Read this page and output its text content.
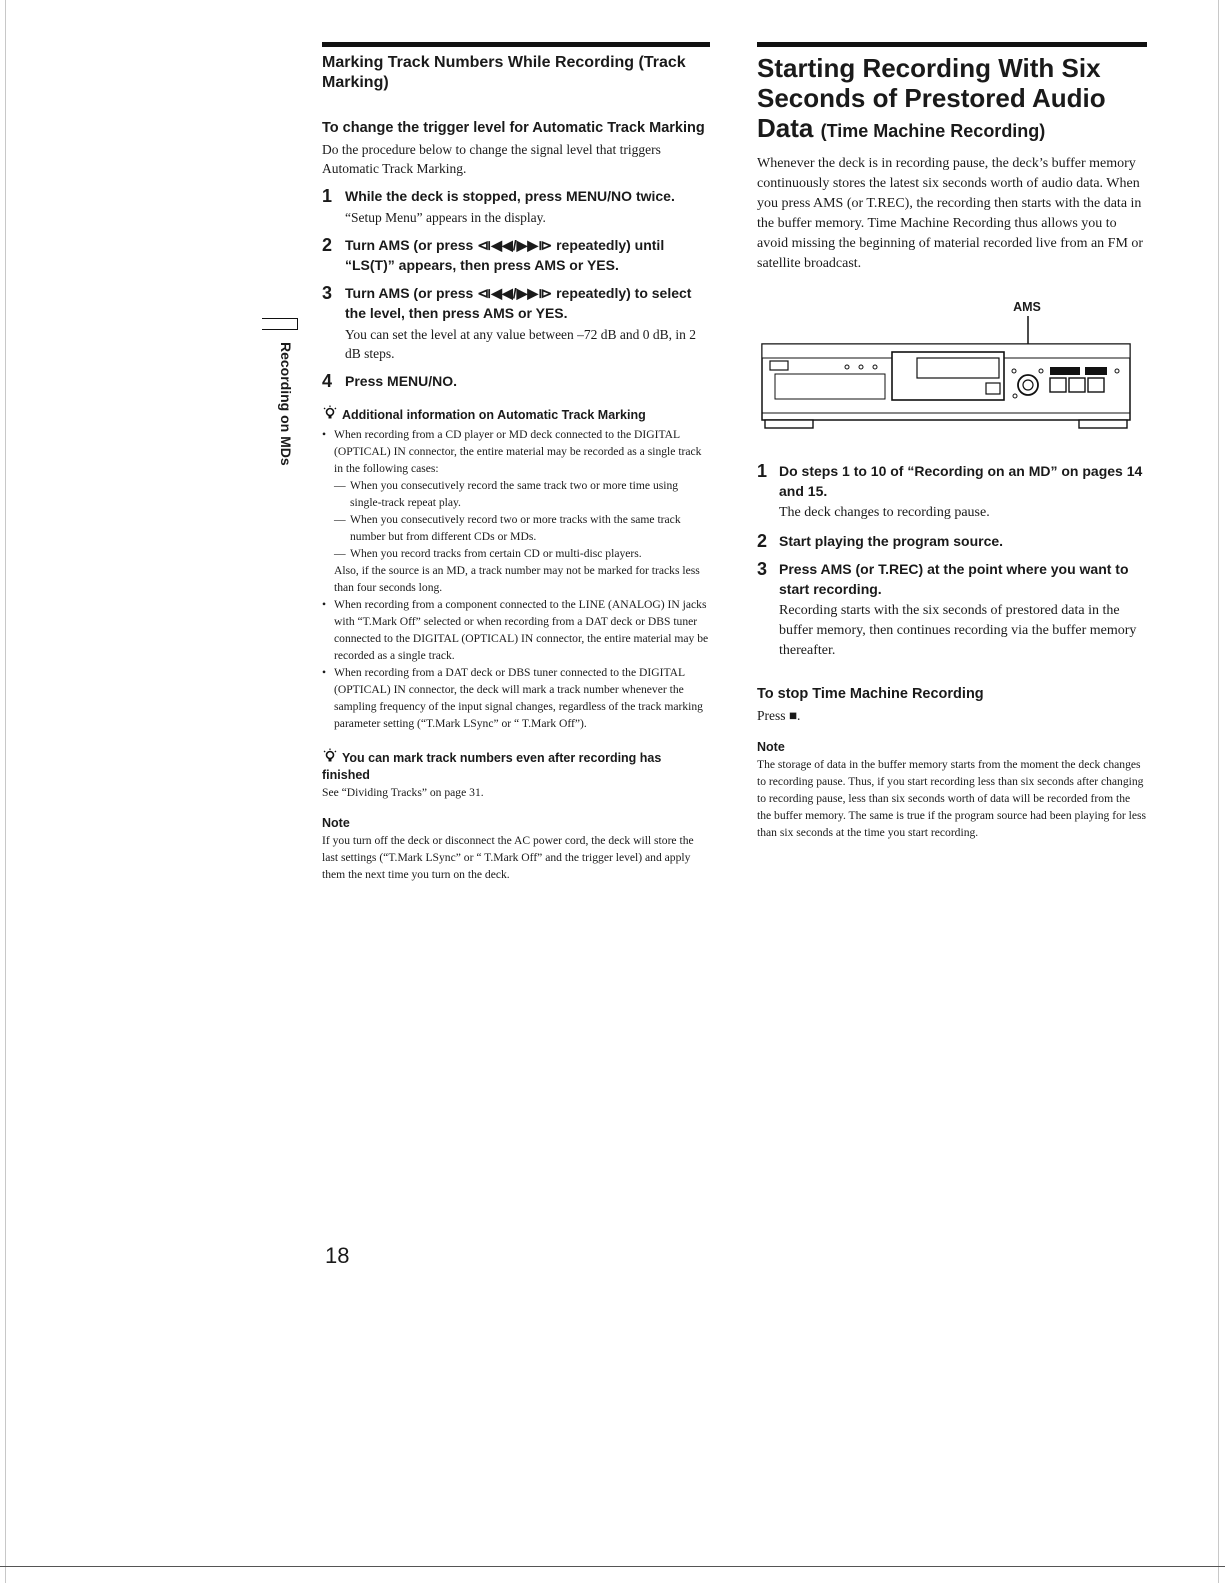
Recording on MDs
Marking Track Numbers While Recording (Track Marking)
To change the trigger level for Automatic Track Marking

Do the procedure below to change the signal level that triggers Automatic Track Marking.

1 While the deck is stopped, press MENU/NO twice.
“Setup Menu” appears in the display.
2 Turn AMS (or press ⧏◀◀/▶▶⧐ repeatedly) until “LS(T)” appears, then press AMS or YES.
3 Turn AMS (or press ⧏◀◀/▶▶⧐ repeatedly) to select the level, then press AMS or YES.
You can set the level at any value between –72 dB and 0 dB, in 2 dB steps.
4 Press MENU/NO.
Additional information on Automatic Track Marking
• When recording from a CD player or MD deck connected to the DIGITAL (OPTICAL) IN connector, the entire material may be recorded as a single track in the following cases:
— When you consecutively record the same track two or more time using single-track repeat play.
— When you consecutively record two or more tracks with the same track number but from different CDs or MDs.
— When you record tracks from certain CD or multi-disc players.
Also, if the source is an MD, a track number may not be marked for tracks less than four seconds long.
• When recording from a component connected to the LINE (ANALOG) IN jacks with “T.Mark Off” selected or when recording from a DAT deck or DBS tuner connected to the DIGITAL (OPTICAL) IN connector, the entire material may be recorded as a single track.
• When recording from a DAT deck or DBS tuner connected to the DIGITAL (OPTICAL) IN connector, the deck will mark a track number whenever the sampling frequency of the input signal changes, regardless of the track marking parameter setting (“T.Mark LSync” or “ T.Mark Off”).
You can mark track numbers even after recording has finished

See “Dividing Tracks” on page 31.

Note

If you turn off the deck or disconnect the AC power cord, the deck will store the last settings (“T.Mark LSync” or “ T.Mark Off” and the trigger level) and apply them the next time you turn on the deck.

Starting Recording With Six Seconds of Prestored Audio Data (Time Machine Recording)

Whenever the deck is in recording pause, the deck’s buffer memory continuously stores the latest six seconds worth of audio data. When you press AMS (or T.REC), the recording then starts with the data in the buffer memory. Time Machine Recording thus allows you to avoid missing the beginning of material recorded live from an FM or satellite broadcast.

AMS
1 Do steps 1 to 10 of “Recording on an MD” on pages 14 and 15.
The deck changes to recording pause.
2 Start playing the program source.
3 Press AMS (or T.REC) at the point where you want to start recording.
Recording starts with the six seconds of prestored data in the buffer memory, then continues recording via the buffer memory thereafter.
To stop Time Machine Recording

Press ■.

Note

The storage of data in the buffer memory starts from the moment the deck changes to recording pause. Thus, if you start recording less than six seconds after changing to recording pause, less than six seconds worth of data will be recorded from the the buffer memory. The same is true if the program source had been playing for less than six seconds at the time you start recording.

18
